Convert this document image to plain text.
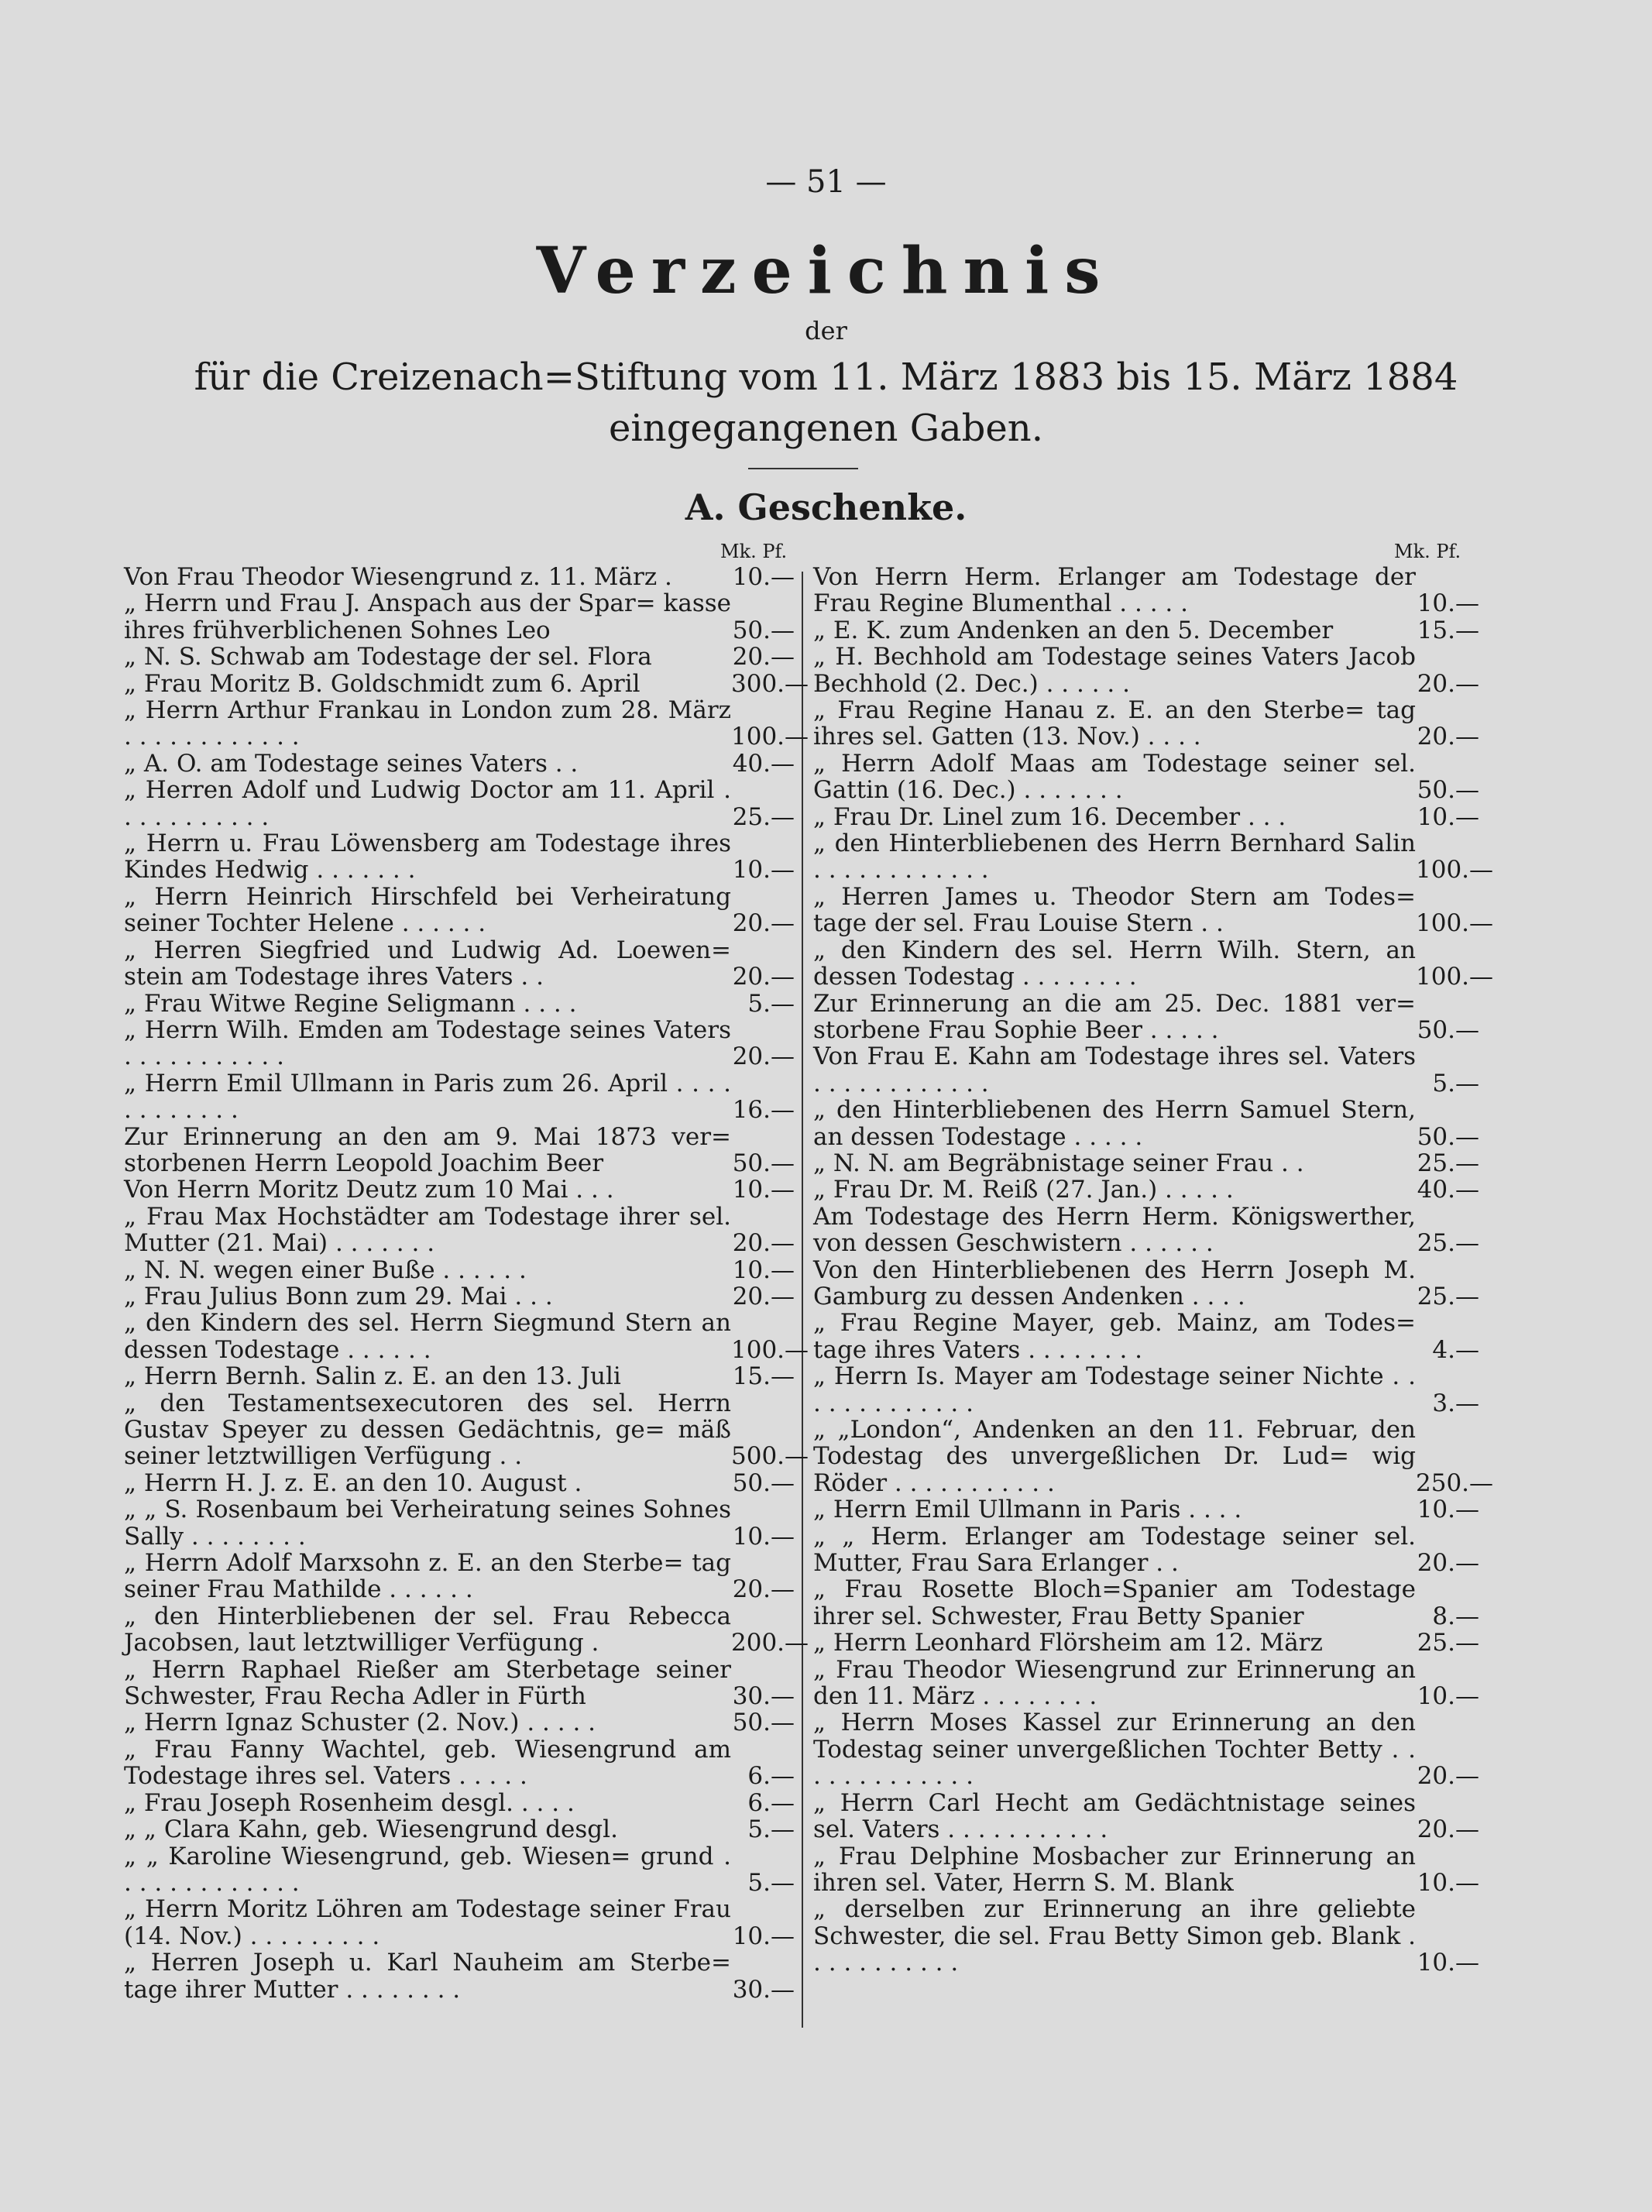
— 51 —
Verzeichnis
der
für die Creizenach=Stiftung vom 11. März 1883 bis 15. März 1884
eingegangenen Gaben.
A. Geschenke.
Mk. Pf.	Mk. Pf.
Von Frau Theodor Wiesengrund z. 11. März .	10.—
„ Herrn und Frau J. Anspach aus der Spar= kasse ihres frühverblichenen Sohnes Leo	50.—
„ N. S. Schwab am Todestage der sel. Flora	20.—
„ Frau Moritz B. Goldschmidt zum 6. April	300.—
„ Herrn Arthur Frankau in London zum 28. März . . . . . . . . . . . .	100.—
„ A. O. am Todestage seines Vaters . .	40.—
„ Herren Adolf und Ludwig Doctor am 11. April . . . . . . . . . . .	25.—
„ Herrn u. Frau Löwensberg am Todestage ihres Kindes Hedwig . . . . . . .	10.—
„ Herrn Heinrich Hirschfeld bei Verheiratung seiner Tochter Helene . . . . . .	20.—
„ Herren Siegfried und Ludwig Ad. Loewen= stein am Todestage ihres Vaters . .	20.—
„ Frau Witwe Regine Seligmann . . . .	5.—
„ Herrn Wilh. Emden am Todestage seines Vaters . . . . . . . . . . .	20.—
„ Herrn Emil Ullmann in Paris zum 26. April . . . . . . . . . . . .	16.—
Zur Erinnerung an den am 9. Mai 1873 ver= storbenen Herrn Leopold Joachim Beer	50.—
Von Herrn Moritz Deutz zum 10 Mai . . .	10.—
„ Frau Max Hochstädter am Todestage ihrer sel. Mutter (21. Mai) . . . . . . .	20.—
„ N. N. wegen einer Buße . . . . . .	10.—
„ Frau Julius Bonn zum 29. Mai . . .	20.—
„ den Kindern des sel. Herrn Siegmund Stern an dessen Todestage . . . . . .	100.—
„ Herrn Bernh. Salin z. E. an den 13. Juli	15.—
„ den Testamentsexecutoren des sel. Herrn Gustav Speyer zu dessen Gedächtnis, ge= mäß seiner letztwilligen Verfügung . .	500.—
„ Herrn H. J. z. E. an den 10. August .	50.—
„ „ S. Rosenbaum bei Verheiratung seines Sohnes Sally . . . . . . . .	10.—
„ Herrn Adolf Marxsohn z. E. an den Sterbe= tag seiner Frau Mathilde . . . . . .	20.—
„ den Hinterbliebenen der sel. Frau Rebecca Jacobsen, laut letztwilliger Verfügung .	200.—
„ Herrn Raphael Rießer am Sterbetage seiner Schwester, Frau Recha Adler in Fürth	30.—
„ Herrn Ignaz Schuster (2. Nov.) . . . . .	50.—
„ Frau Fanny Wachtel, geb. Wiesengrund am Todestage ihres sel. Vaters . . . . .	6.—
„ Frau Joseph Rosenheim desgl. . . . .	6.—
„ „ Clara Kahn, geb. Wiesengrund desgl.	5.—
„ „ Karoline Wiesengrund, geb. Wiesen= grund . . . . . . . . . . . . .	5.—
„ Herrn Moritz Löhren am Todestage seiner Frau (14. Nov.) . . . . . . . . .	10.—
„ Herren Joseph u. Karl Nauheim am Sterbe= tage ihrer Mutter . . . . . . . .	30.—
Von Herrn Herm. Erlanger am Todestage der Frau Regine Blumenthal . . . . .	10.—
„ E. K. zum Andenken an den 5. December	15.—
„ H. Bechhold am Todestage seines Vaters Jacob Bechhold (2. Dec.) . . . . . .	20.—
„ Frau Regine Hanau z. E. an den Sterbe= tag ihres sel. Gatten (13. Nov.) . . . .	20.—
„ Herrn Adolf Maas am Todestage seiner sel. Gattin (16. Dec.) . . . . . . .	50.—
„ Frau Dr. Linel zum 16. December . . .	10.—
„ den Hinterbliebenen des Herrn Bernhard Salin . . . . . . . . . . . .	100.—
„ Herren James u. Theodor Stern am Todes= tage der sel. Frau Louise Stern . .	100.—
„ den Kindern des sel. Herrn Wilh. Stern, an dessen Todestag . . . . . . . .	100.—
Zur Erinnerung an die am 25. Dec. 1881 ver= storbene Frau Sophie Beer . . . . .	50.—
Von Frau E. Kahn am Todestage ihres sel. Vaters . . . . . . . . . . . .	5.—
„ den Hinterbliebenen des Herrn Samuel Stern, an dessen Todestage . . . . .	50.—
„ N. N. am Begräbnistage seiner Frau . .	25.—
„ Frau Dr. M. Reiß (27. Jan.) . . . . .	40.—
Am Todestage des Herrn Herm. Königswerther, von dessen Geschwistern . . . . . .	25.—
Von den Hinterbliebenen des Herrn Joseph M. Gamburg zu dessen Andenken . . . .	25.—
„ Frau Regine Mayer, geb. Mainz, am Todes= tage ihres Vaters . . . . . . . .	4.—
„ Herrn Is. Mayer am Todestage seiner Nichte . . . . . . . . . . . . .	3.—
„ „London“, Andenken an den 11. Februar, den Todestag des unvergeßlichen Dr. Lud= wig Röder . . . . . . . . . . .	250.—
„ Herrn Emil Ullmann in Paris . . . .	10.—
„ „ Herm. Erlanger am Todestage seiner sel. Mutter, Frau Sara Erlanger . .	20.—
„ Frau Rosette Bloch=Spanier am Todestage ihrer sel. Schwester, Frau Betty Spanier	8.—
„ Herrn Leonhard Flörsheim am 12. März	25.—
„ Frau Theodor Wiesengrund zur Erinnerung an den 11. März . . . . . . . .	10.—
„ Herrn Moses Kassel zur Erinnerung an den Todestag seiner unvergeßlichen Tochter Betty . . . . . . . . . . . . .	20.—
„ Herrn Carl Hecht am Gedächtnistage seines sel. Vaters . . . . . . . . . . .	20.—
„ Frau Delphine Mosbacher zur Erinnerung an ihren sel. Vater, Herrn S. M. Blank	10.—
„ derselben zur Erinnerung an ihre geliebte Schwester, die sel. Frau Betty Simon geb. Blank . . . . . . . . . . .	10.—
